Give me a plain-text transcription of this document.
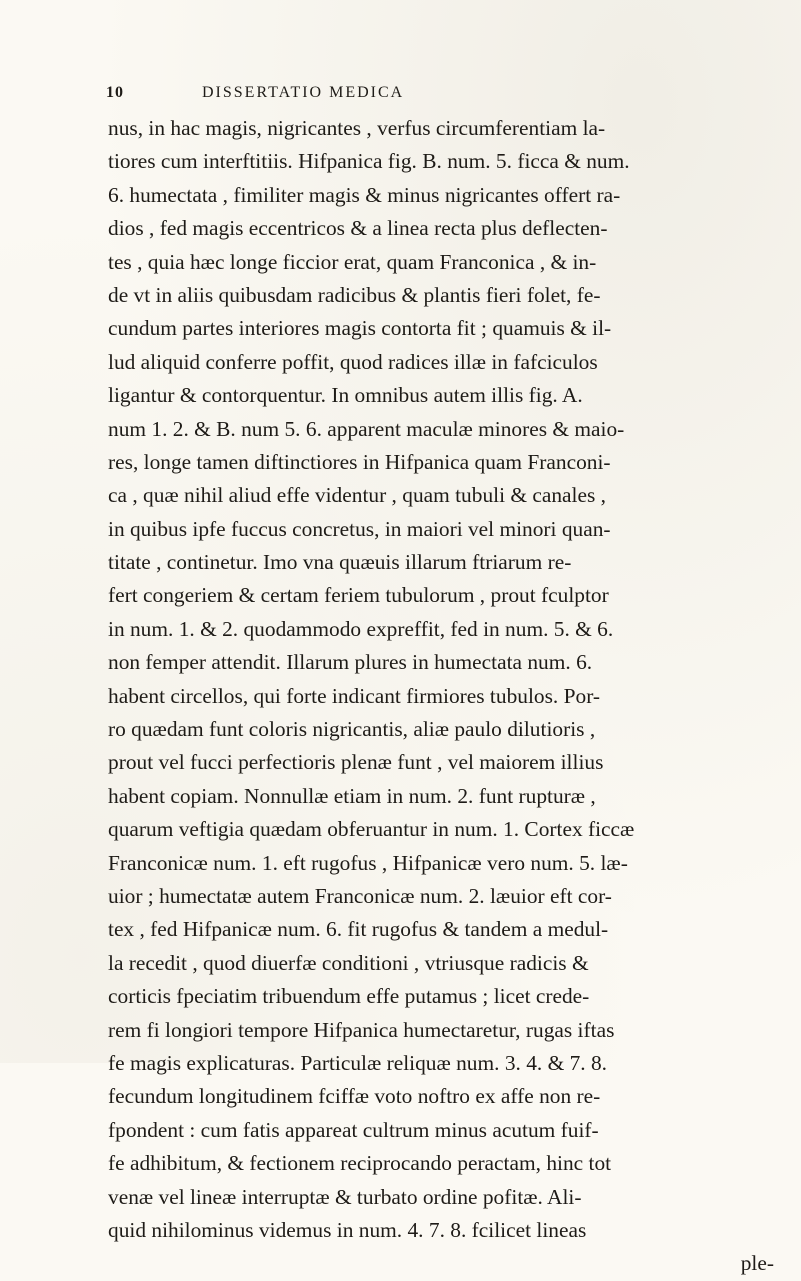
10	DISSERTATIO MEDICA
nus, in hac magis, nigricantes , verfus circumferentiam la-
tiores cum interftitiis. Hifpanica fig. B. num. 5. ficca & num.
6. humectata , fimiliter magis & minus nigricantes offert ra-
dios , fed magis eccentricos & a linea recta plus deflecten-
tes , quia hæc longe ficcior erat, quam Franconica , & in-
de vt in aliis quibusdam radicibus & plantis fieri folet, fe-
cundum partes interiores magis contorta fit ; quamuis & il-
lud aliquid conferre poffit, quod radices illæ in fafciculos
ligantur & contorquentur. In omnibus autem illis fig. A.
num 1. 2. & B. num 5. 6. apparent maculæ minores & maio-
res, longe tamen diftinctiores in Hifpanica quam Franconi-
ca , quæ nihil aliud effe videntur , quam tubuli & canales ,
in quibus ipfe fuccus concretus, in maiori vel minori quan-
titate , continetur. Imo vna quæuis illarum ftriarum re-
fert congeriem & certam feriem tubulorum , prout fculptor
in num. 1. & 2. quodammodo expreffit, fed in num. 5. & 6.
non femper attendit. Illarum plures in humectata num. 6.
habent circellos, qui forte indicant firmiores tubulos. Por-
ro quædam funt coloris nigricantis, aliæ paulo dilutioris ,
prout vel fucci perfectioris plenæ funt , vel maiorem illius
habent copiam. Nonnullæ etiam in num. 2. funt rupturæ ,
quarum veftigia quædam obferuantur in num. 1. Cortex ficcæ
Franconicæ num. 1. eft rugofus , Hifpanicæ vero num. 5. læ-
uior ; humectatæ autem Franconicæ num. 2. læuior eft cor-
tex , fed Hifpanicæ num. 6. fit rugofus & tandem a medul-
la recedit , quod diuerfæ conditioni , vtriusque radicis &
corticis fpeciatim tribuendum effe putamus ; licet crede-
rem fi longiori tempore Hifpanica humectaretur, rugas iftas
fe magis explicaturas. Particulæ reliquæ num. 3. 4. & 7. 8.
fecundum longitudinem fciffæ voto noftro ex affe non re-
fpondent : cum fatis appareat cultrum minus acutum fuif-
fe adhibitum, & fectionem reciprocando peractam, hinc tot
venæ vel lineæ interruptæ & turbato ordine pofitæ. Ali-
quid nihilominus videmus in num. 4. 7. 8. fcilicet lineas
ple-
